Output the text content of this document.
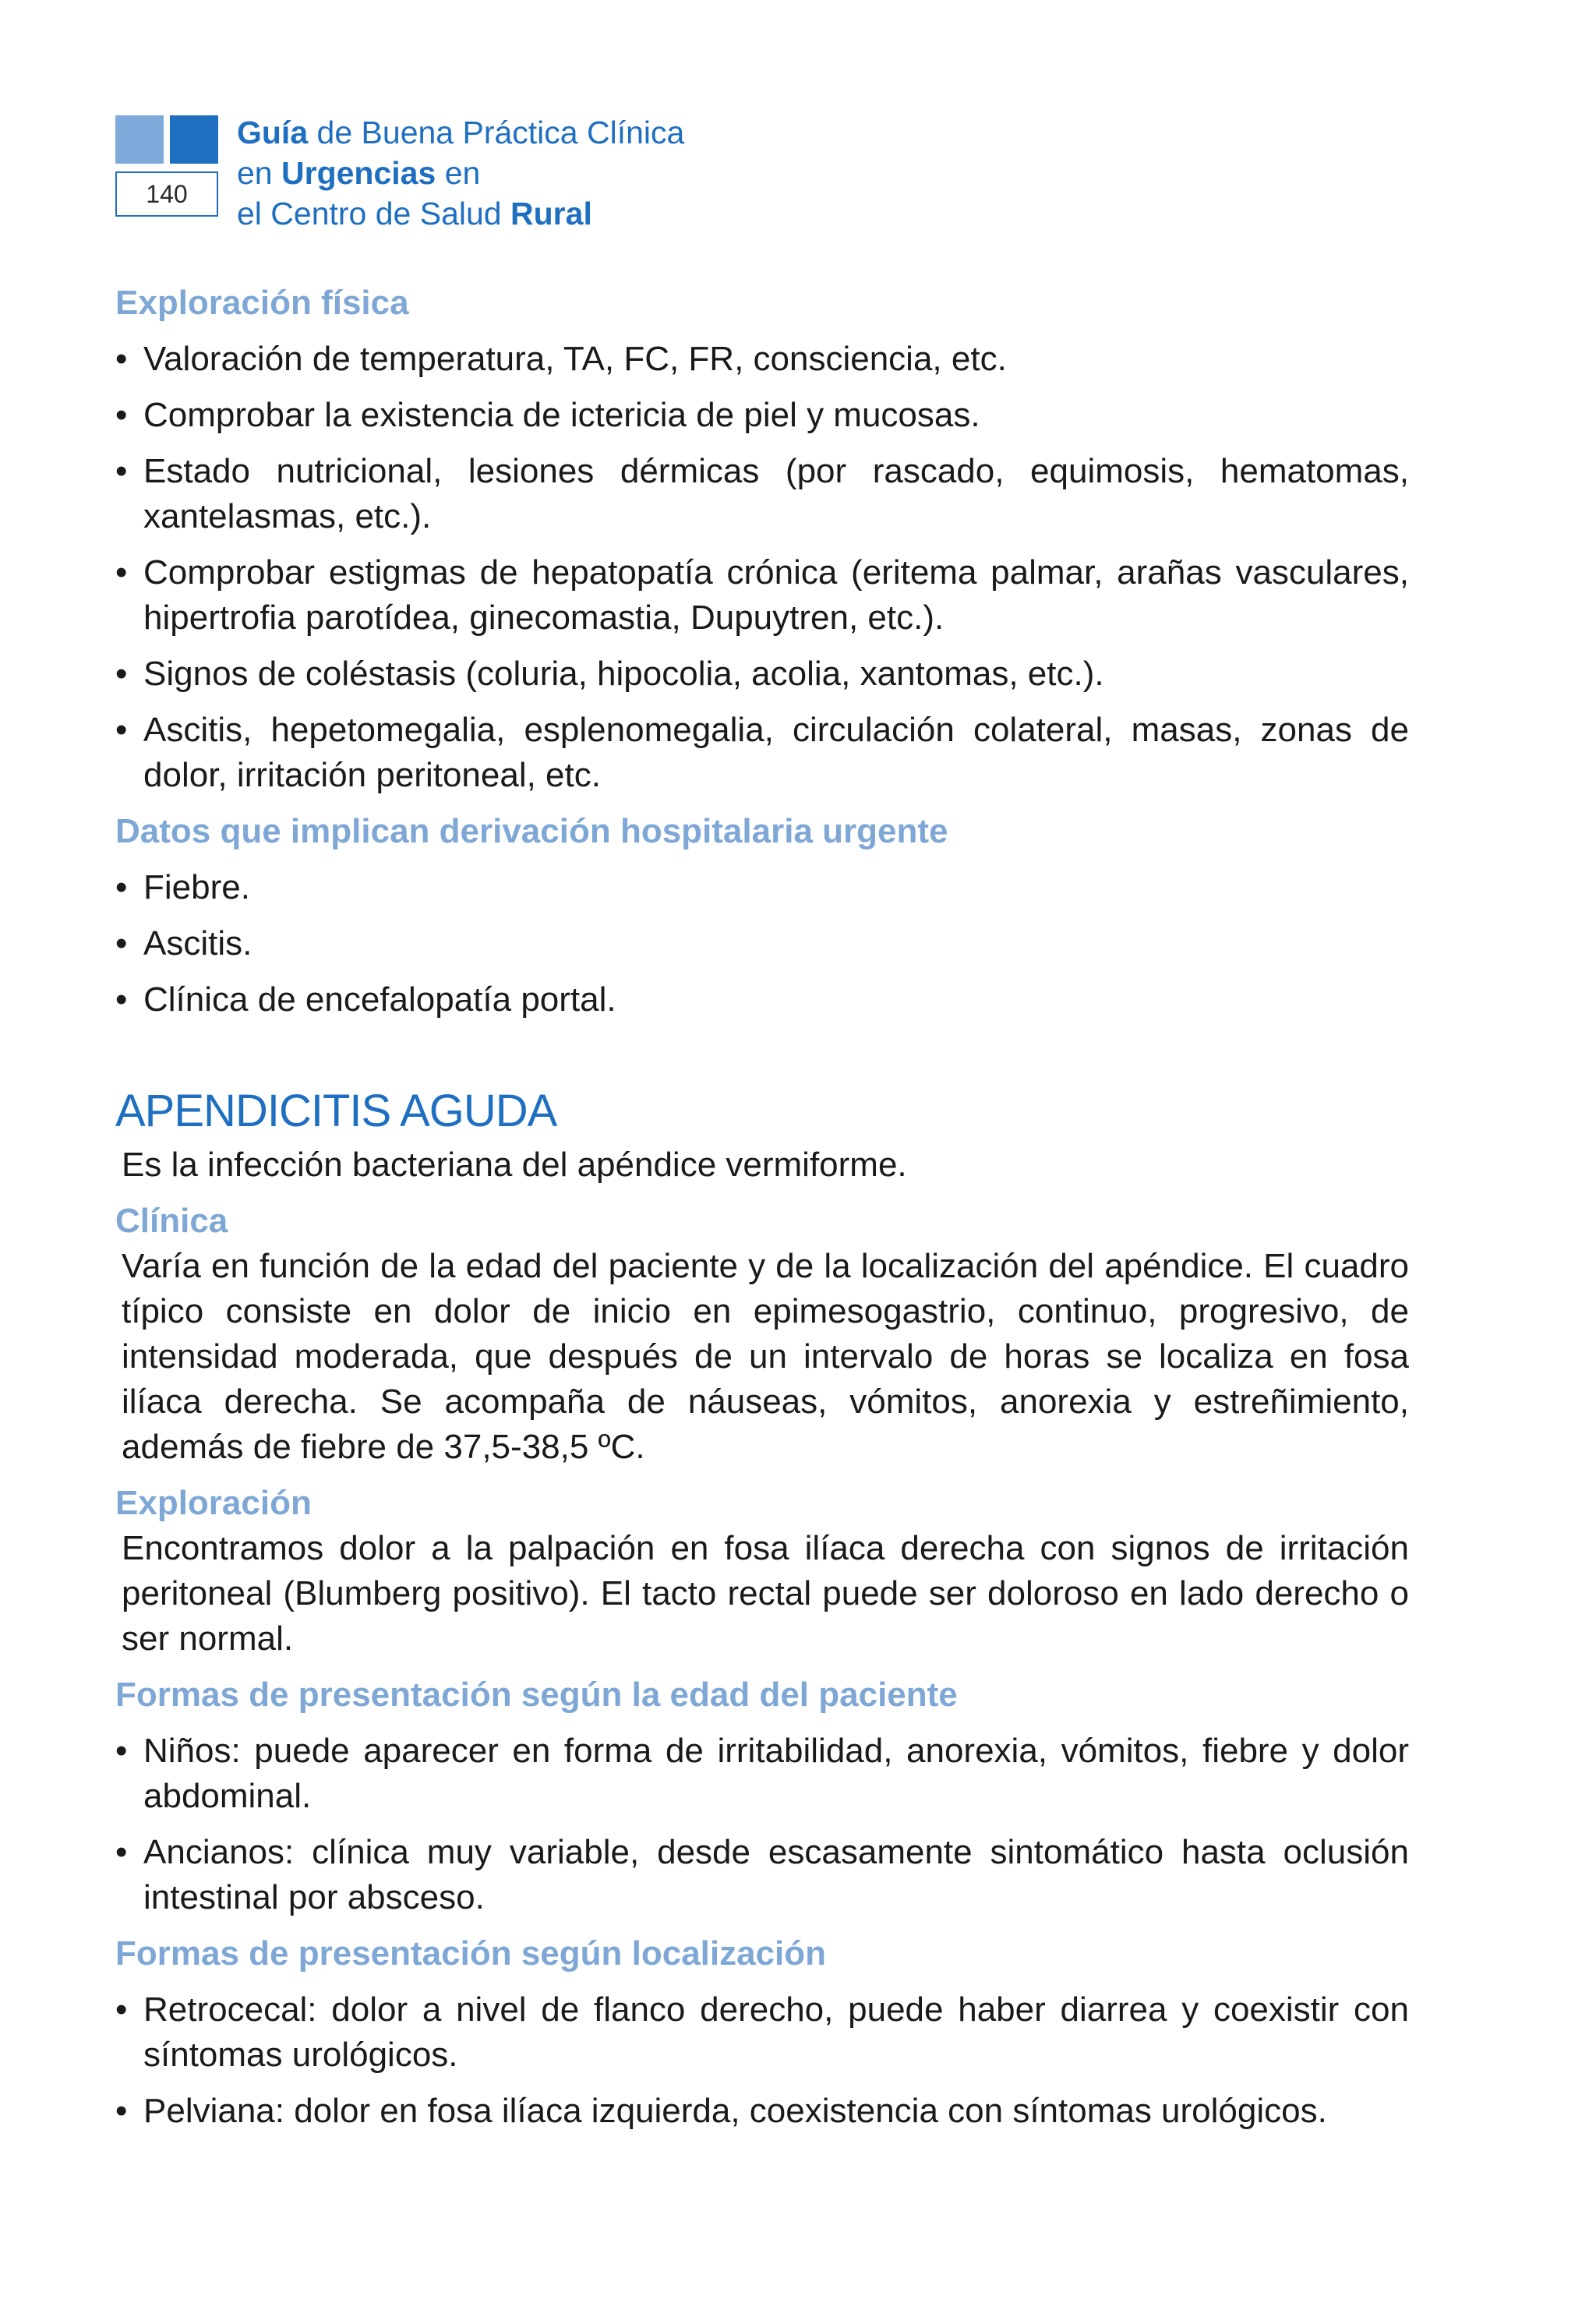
140
Guía de Buena Práctica Clínica
en Urgencias en
el Centro de Salud Rural
Exploración física
• Valoración de temperatura, TA, FC, FR, consciencia, etc.
• Comprobar la existencia de ictericia de piel y mucosas.
• Estado nutricional, lesiones dérmicas (por rascado, equimosis, hematomas, xantelasmas, etc.).
• Comprobar estigmas de hepatopatía crónica (eritema palmar, arañas vasculares, hipertrofia parotídea, ginecomastia, Dupuytren, etc.).
• Signos de coléstasis (coluria, hipocolia, acolia, xantomas, etc.).
• Ascitis, hepetomegalia, esplenomegalia, circulación colateral, masas, zonas de dolor, irritación peritoneal, etc.
Datos que implican derivación hospitalaria urgente
• Fiebre.
• Ascitis.
• Clínica de encefalopatía portal.
APENDICITIS AGUDA

Es la infección bacteriana del apéndice vermiforme.

Clínica

Varía en función de la edad del paciente y de la localización del apéndice. El cuadro típico consiste en dolor de inicio en epimesogastrio, continuo, progresivo, de intensidad moderada, que después de un intervalo de horas se localiza en fosa ilíaca derecha. Se acompaña de náuseas, vómitos, anorexia y estreñimiento, además de fiebre de 37,5-38,5 ºC.

Exploración

Encontramos dolor a la palpación en fosa ilíaca derecha con signos de irritación peritoneal (Blumberg positivo). El tacto rectal puede ser doloroso en lado derecho o ser normal.

Formas de presentación según la edad del paciente
• Niños: puede aparecer en forma de irritabilidad, anorexia, vómitos, fiebre y dolor abdominal.
• Ancianos: clínica muy variable, desde escasamente sintomático hasta oclusión intestinal por absceso.
Formas de presentación según localización
• Retrocecal: dolor a nivel de flanco derecho, puede haber diarrea y coexistir con síntomas urológicos.
• Pelviana: dolor en fosa ilíaca izquierda, coexistencia con síntomas urológicos.
